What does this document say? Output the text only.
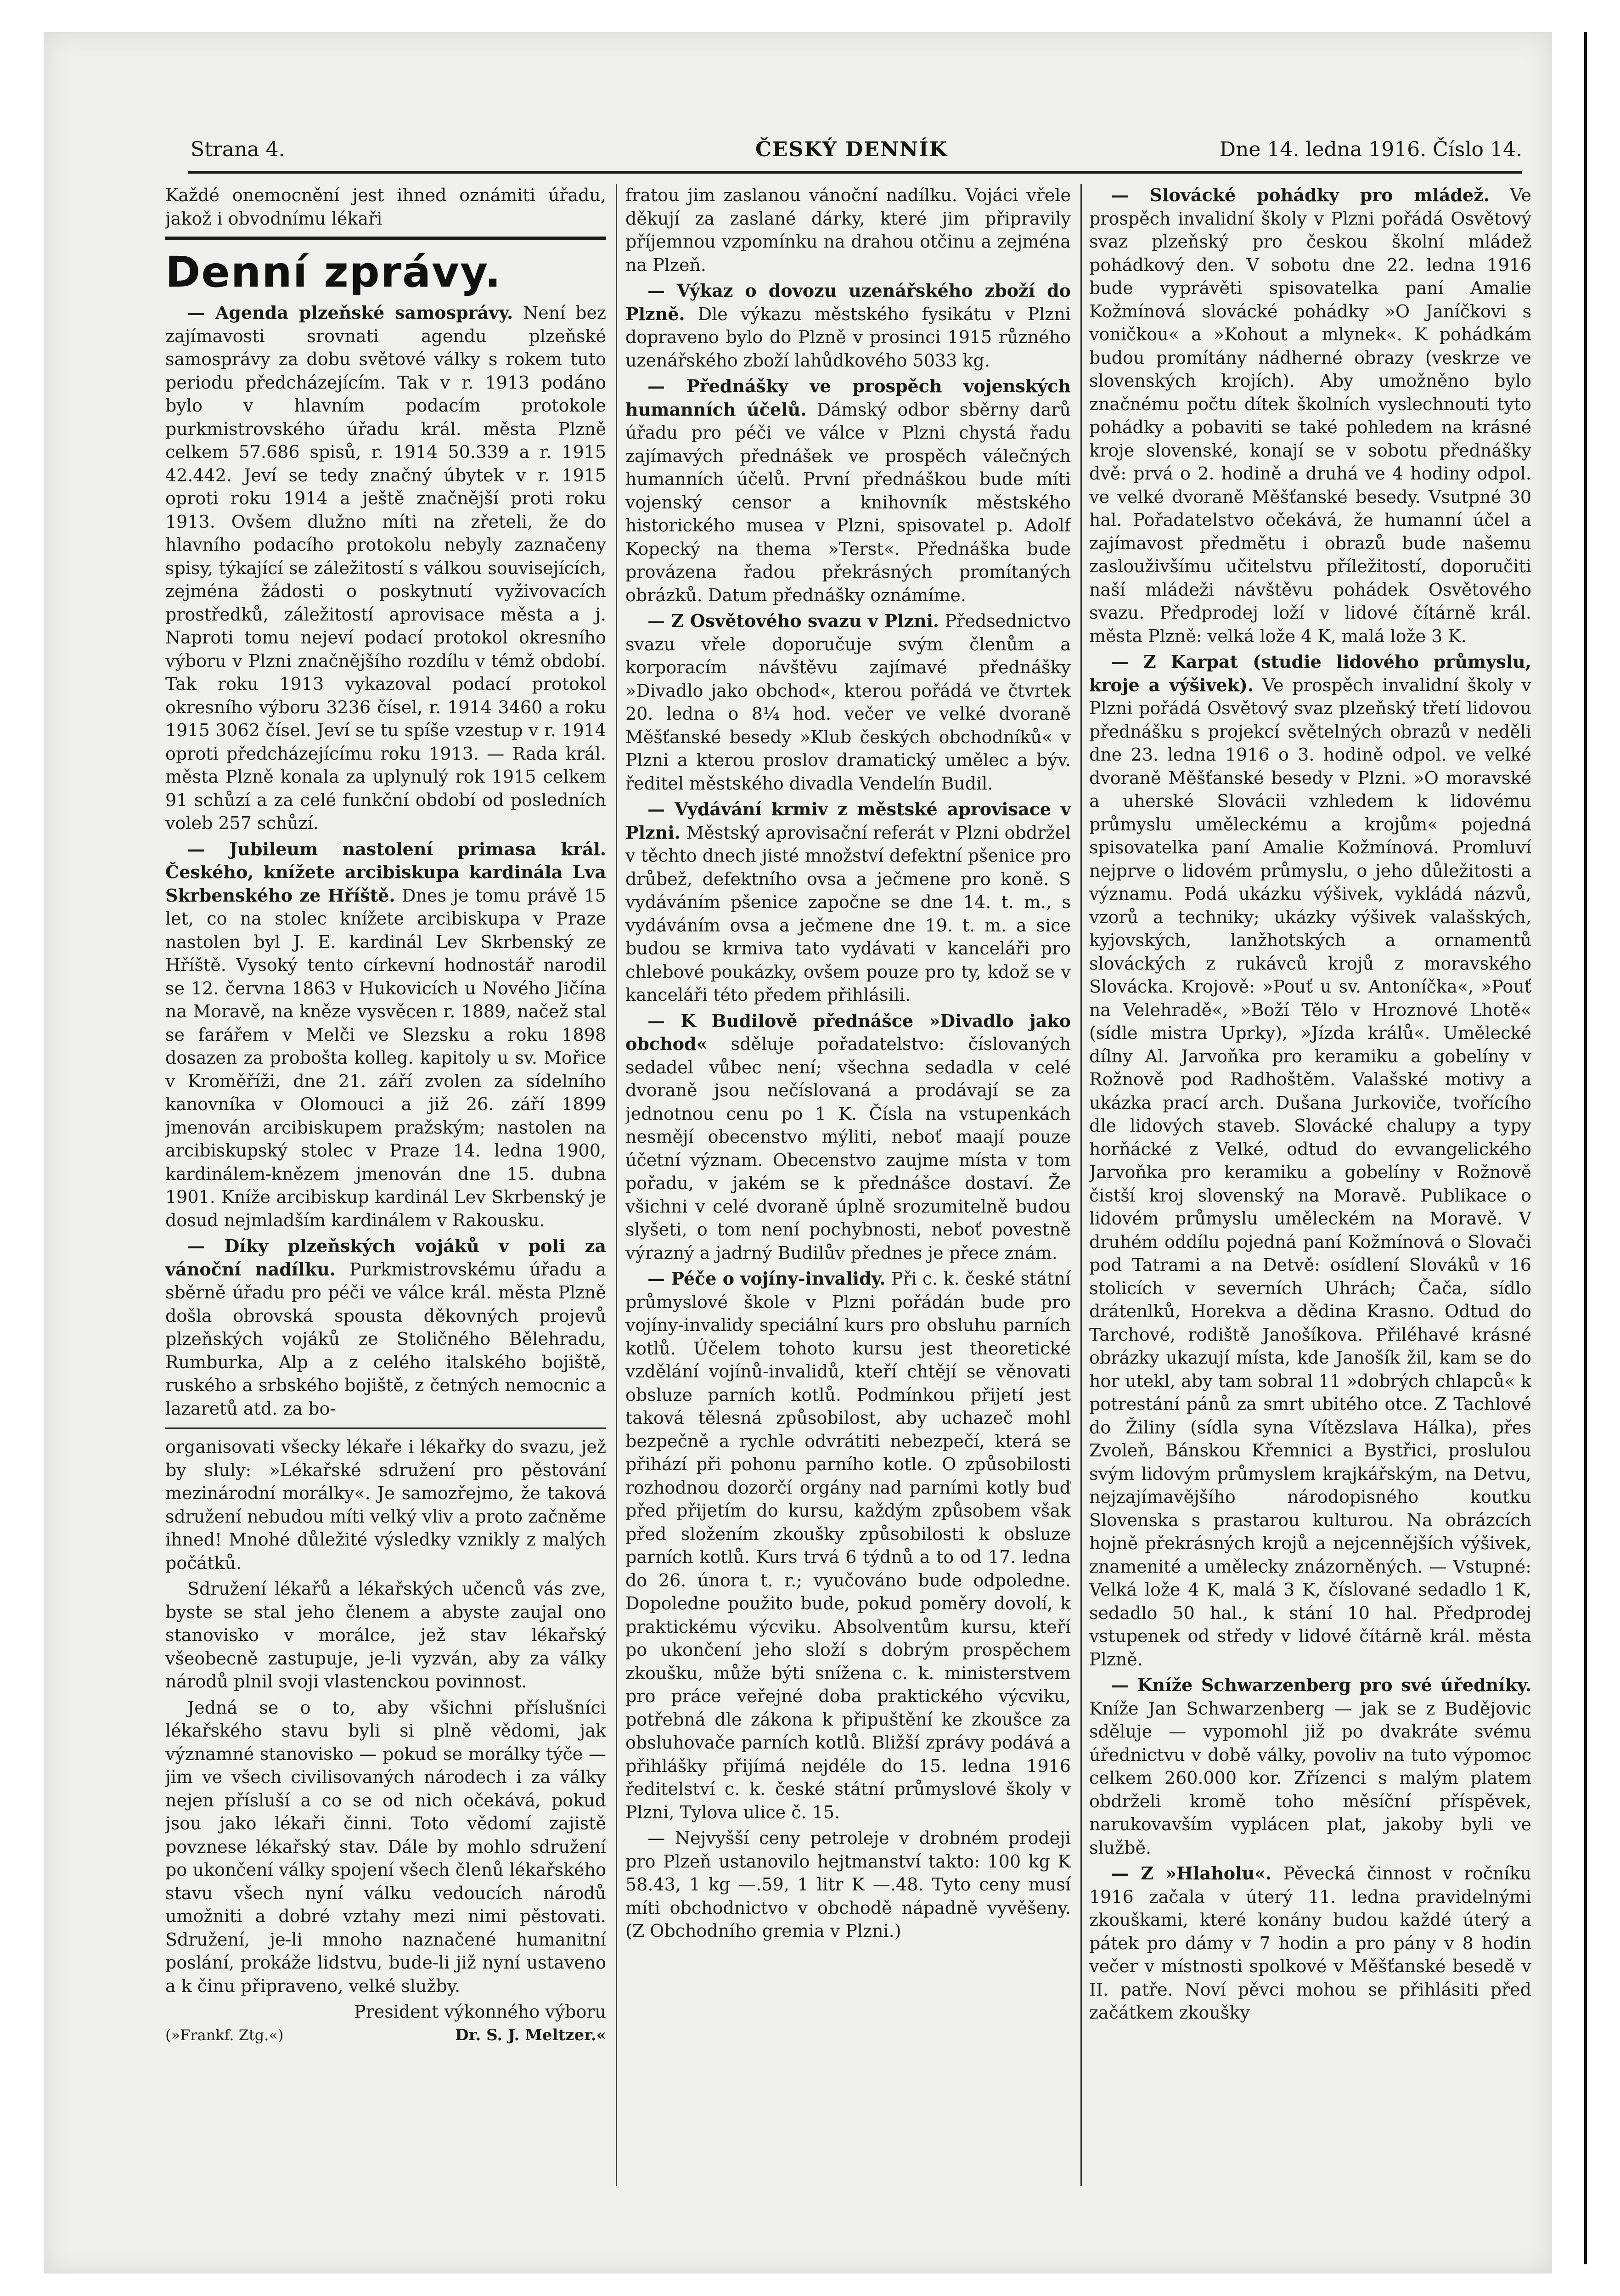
Strana 4.	ČESKÝ DENNÍK	Dne 14. ledna 1916. Číslo 14.

Každé onemocnění jest ihned oznámiti úřadu, jakož i obvodnímu lékaři

Denní zprávy.

— Agenda plzeňské samosprávy. Není bez zajímavosti srovnati agendu plzeňské samosprávy za dobu světové války s rokem tuto periodu předcházejícím. Tak v r. 1913 podáno bylo v hlavním podacím protokole purkmistrovského úřadu král. města Plzně celkem 57.686 spisů, r. 1914 50.339 a r. 1915 42.442. Jeví se tedy značný úbytek v r. 1915 oproti roku 1914 a ještě značnější proti roku 1913. Ovšem dlužno míti na zřeteli, že do hlavního podacího protokolu nebyly zaznačeny spisy, týkající se záležitostí s válkou souvisejících, zejména žádosti o poskytnutí vyživovacích prostředků, záležitostí aprovisace města a j. Naproti tomu nejeví podací protokol okresního výboru v Plzni značnějšího rozdílu v témž období. Tak roku 1913 vykazoval podací protokol okresního výboru 3236 čísel, r. 1914 3460 a roku 1915 3062 čísel. Jeví se tu spíše vzestup v r. 1914 oproti předcházejícímu roku 1913. — Rada král. města Plzně konala za uplynulý rok 1915 celkem 91 schůzí a za celé funkční období od posledních voleb 257 schůzí.

— Jubileum nastolení primasa král. Českého, knížete arcibiskupa kardinála Lva Skrbenského ze Hříště. Dnes je tomu právě 15 let, co na stolec knížete arcibiskupa v Praze nastolen byl J. E. kardinál Lev Skrbenský ze Hříště. Vysoký tento církevní hodnostář narodil se 12. června 1863 v Hukovicích u Nového Jičína na Moravě, na kněze vysvěcen r. 1889, načež stal se farářem v Melči ve Slezsku a roku 1898 dosazen za proboštа kolleg. kapitoly u sv. Mořice v Kroměříži, dne 21. září zvolen za sídelního kanovníka v Olomouci a již 26. září 1899 jmenován arcibiskupem pražským; nastolen na arcibiskupský stolec v Praze 14. ledna 1900, kardinálem-knězem jmenován dne 15. dubna 1901. Kníže arcibiskup kardinál Lev Skrbenský je dosud nejmladším kardinálem v Rakousku.

— Díky plzeňských vojáků v poli za vánoční nadílku. Purkmistrovskému úřadu a sběrně úřadu pro péči ve válce král. města Plzně došla obrovská spousta děkovných projevů plzeňských vojáků ze Stoličného Bělehradu, Rumburka, Alp a z celého italského bojiště, ruského a srbského bojiště, z četných nemocnic a lazaretů atd. za bo-

organisovati všecky lékaře i lékařky do svazu, jež by sluly: »Lékařské sdružení pro pěstování mezinárodní morálky«. Je samozřejmo, že taková sdružení nebudou míti velký vliv a proto začněme ihned! Mnohé důležité výsledky vznikly z malých počátků.

Sdružení lékařů a lékařských učenců vás zve, byste se stal jeho členem a abyste zaujal ono stanovisko v morálce, jež stav lékařský všeobecně zastupuje, je-li vyzván, aby za války národů plnil svoji vlastenckou povinnost.

Jedná se o to, aby všichni příslušníci lékařského stavu byli si plně vědomi, jak významné stanovisko — pokud se morálky týče — jim ve všech civilisovaných národech i za války nejen přísluší a co se od nich očekává, pokud jsou jako lékaři činni. Toto vědomí zajistě povznese lékařský stav. Dále by mohlo sdružení po ukončení války spojení všech členů lékařského stavu všech nyní válku vedoucích národů umožniti a dobré vztahy mezi nimi pěstovati. Sdružení, je-li mnoho naznačené humanitní poslání, prokáže lidstvu, bude-li již nyní ustaveno a k činu připraveno, velké služby.

President výkonného výboru

(»Frankf. Ztg.«)	Dr. S. J. Meltzer.«

fratou jim zaslanou vánoční nadílku. Vojáci vřele děkují za zaslané dárky, které jim připravily příjemnou vzpomínku na drahou otčinu a zejména na Plzeň.

— Výkaz o dovozu uzenářského zboží do Plzně. Dle výkazu městského fysikátu v Plzni dopraveno bylo do Plzně v prosinci 1915 různého uzenářského zboží lahůdkového 5033 kg.

— Přednášky ve prospěch vojenských humanních účelů. Dámský odbor sběrny darů úřadu pro péči ve válce v Plzni chystá řadu zajímavých přednášek ve prospěch válečných humanních účelů. První přednáškou bude míti vojenský censor a knihovník městského historického musea v Plzni, spisovatel p. Adolf Kopecký na thema »Terst«. Přednáška bude provázena řadou překrásných promítaných obrázků. Datum přednášky oznámíme.

— Z Osvětového svazu v Plzni. Předsednictvo svazu vřele doporučuje svým členům a korporacím návštěvu zajímavé přednášky »Divadlo jako obchod«, kterou pořádá ve čtvrtek 20. ledna o 8¼ hod. večer ve velké dvoraně Měšťanské besedy »Klub českých obchodníků« v Plzni a kterou proslov dramatický umělec a býv. ředitel městského divadla Vendelín Budil.

— Vydávání krmiv z městské aprovisace v Plzni. Městský aprovisační referát v Plzni obdržel v těchto dnech jisté množství defektní pšenice pro drůbež, defektního ovsa a ječmene pro koně. S vydáváním pšenice započne se dne 14. t. m., s vydáváním ovsa a ječmene dne 19. t. m. a sice budou se krmiva tato vydávati v kanceláři pro chlebové poukázky, ovšem pouze pro ty, kdož se v kanceláři této předem přihlásili.

— K Budilově přednášce »Divadlo jako obchod« sděluje pořadatelstvo: číslovaných sedadel vůbec není; všechna sedadla v celé dvoraně jsou nečíslovaná a prodávají se za jednotnou cenu po 1 K. Čísla na vstupenkách nesmějí obecenstvo mýliti, neboť maají pouze účetní význam. Obecenstvo zaujme místa v tom pořadu, v jakém se k přednášce dostaví. Že všichni v celé dvoraně úplně srozumitelně budou slyšeti, o tom není pochybnosti, neboť povestně výrazný a jadrný Budilův přednes je přece znám.

— Péče o vojíny-invalidy. Při c. k. české státní průmyslové škole v Plzni pořádán bude pro vojíny-invalidy speciální kurs pro obsluhu parních kotlů. Účelem tohoto kursu jest theoretické vzdělání vojínů-invalidů, kteří chtějí se věnovati obsluze parních kotlů. Podmínkou přijetí jest taková tělesná způsobilost, aby uchazeč mohl bezpečně a rychle odvrátiti nebezpečí, která se přihází při pohonu parního kotle. O způsobilosti rozhodnou dozorčí orgány nad parními kotly buď před přijetím do kursu, každým způsobem však před složením zkoušky způsobilosti k obsluze parních kotlů. Kurs trvá 6 týdnů a to od 17. ledna do 26. února t. r.; vyučováno bude odpoledne. Dopoledne použito bude, pokud poměry dovolí, k praktickému výcviku. Absolventům kursu, kteří po ukončení jeho složí s dobrým prospěchem zkoušku, může býti snížena c. k. ministerstvem pro práce veřejné doba praktického výcviku, potřebná dle zákona k připuštění ke zkoušce za obsluhovače parních kotlů. Bližší zprávy podává a přihlášky přijímá nejdéle do 15. ledna 1916 ředitelství c. k. české státní průmyslové školy v Plzni, Tylova ulice č. 15.

— Nejvyšší ceny petroleje v drobném prodeji pro Plzeň ustanovilo hejtmanství takto: 100 kg K 58.43, 1 kg —.59, 1 litr K —.48. Tyto ceny musí míti obchodnictvo v obchodě nápadně vyvěšeny. (Z Obchodního gremia v Plzni.)

— Slovácké pohádky pro mládež. Ve prospěch invalidní školy v Plzni pořádá Osvětový svaz plzeňský pro českou školní mládež pohádkový den. V sobotu dne 22. ledna 1916 bude vyprávěti spisovatelka paní Amalie Kožmínová slovácké pohádky »O Janíčkovi s voničkou« a »Kohout a mlynek«. K pohádkám budou promítány nádherné obrazy (veskrze ve slovenských krojích). Aby umožněno bylo značnému počtu dítek školních vyslechnouti tyto pohádky a pobaviti se také pohledem na krásné kroje slovenské, konají se v sobotu přednášky dvě: prvá o 2. hodině a druhá ve 4 hodiny odpol. ve velké dvoraně Měšťanské besedy. Vsutpné 30 hal. Pořadatelstvo očekává, že humanní účel a zajímavost předmětu i obrazů bude našemu zaslouživšímu učitelstvu příležitostí, doporučiti naší mládeži návštěvu pohádek Osvětového svazu. Předprodej loží v lidové čítárně král. města Plzně: velká lože 4 K, malá lože 3 K.

— Z Karpat (studie lidového průmyslu, kroje a výšivek). Ve prospěch invalidní školy v Plzni pořádá Osvětový svaz plzeňský třetí lidovou přednášku s projekcí světelných obrazů v neděli dne 23. ledna 1916 o 3. hodině odpol. ve velké dvoraně Měšťanské besedy v Plzni. »O moravské a uherské Slovácii vzhledem k lidovému průmyslu uměleckému a krojům« pojedná spisovatelka paní Amalie Kožmínová. Promluví nejprve o lidovém průmyslu, o jeho důležitosti a významu. Podá ukázku výšivek, vykládá názvů, vzorů a techniky; ukázky výšivek valašských, kyjovských, lanžhotských a ornamentů slováckých z rukávců krojů z moravského Slovácka. Krojově: »Pouť u sv. Antoníčka«, »Pouť na Velehradě«, »Boží Tělo v Hroznové Lhotě« (sídle mistra Uprky), »Jízda králů«. Umělecké dílny Al. Jarvoňka pro keramiku a gobelíny v Rožnově pod Radhoštěm. Valašské motivy a ukázka prací arch. Dušana Jurkoviče, tvořícího dle lidových staveb. Slovácké chalupy a typy horňácké z Velké, odtud do evvangelického Jarvoňka pro keramiku a gobelíny v Rožnově čistší kroj slovenský na Moravě. Publikace o lidovém průmyslu uměleckém na Moravě. V druhém oddílu pojedná paní Kožmínová o Slovači pod Tatrami a na Detvě: osídlení Slováků v 16 stolicích v severních Uhrách; Čača, sídlo drátenlků, Horekva a dědina Krasno. Odtud do Tarchové, rodiště Janošíkova. Přiléhavé krásné obrázky ukazují místa, kde Janošík žil, kam se do hor utekl, aby tam sobral 11 »dobrých chlapců« k potrestání pánů za smrt ubitého otce. Z Tachlové do Žiliny (sídla syna Vítězslava Hálka), přes Zvoleň, Bánskou Křemnici a Bystřici, proslulou svým lidovým průmyslem krajkářským, na Detvu, nejzajímavějšího národopisného koutku Slovenska s prastarou kulturou. Na obrázcích hojně překrásných krojů a nejcennějších výšivek, znamenité a umělecky znázorněných. — Vstupné: Velká lože 4 K, malá 3 K, číslované sedadlo 1 K, sedadlo 50 hal., k stání 10 hal. Předprodej vstupenek od středy v lidové čítárně král. města Plzně.

— Kníže Schwarzenberg pro své úředníky. Kníže Jan Schwarzenberg — jak se z Budějovic sděluje — vypomohl již po dvakráte svému úřednictvu v době války, povoliv na tuto výpomoc celkem 260.000 kor. Zřízenci s malým platem obdrželi kromě toho měsíční příspěvek, narukovavším vyplácen plat, jakoby byli ve službě.

— Z »Hlaholu«. Pěvecká činnost v ročníku 1916 začala v úterý 11. ledna pravidelnými zkouškami, které konány budou každé úterý a pátek pro dámy v 7 hodin a pro pány v 8 hodin večer v místnosti spolkové v Měšťanské besedě v II. patře. Noví pěvci mohou se přihlásiti před začátkem zkoušky
